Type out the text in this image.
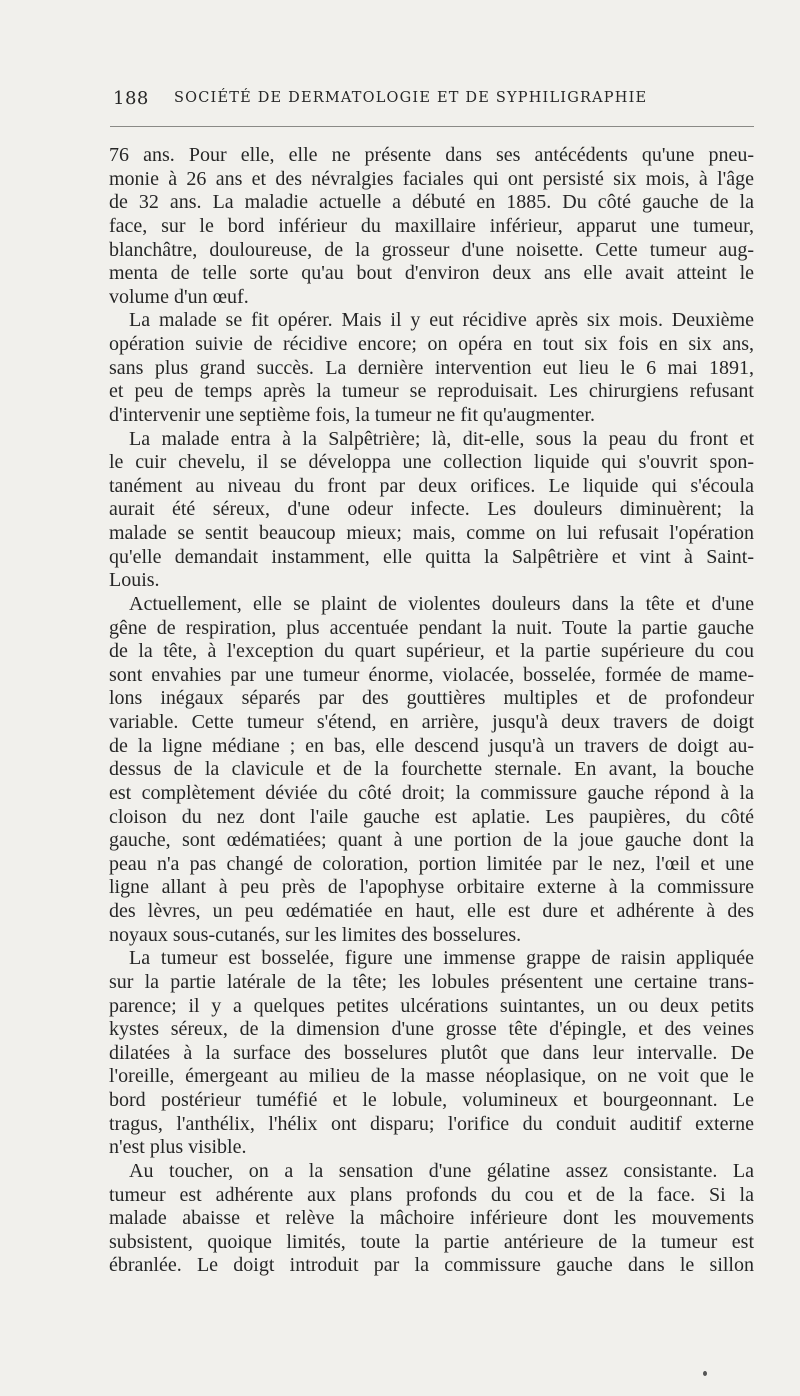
188 SOCIÉTÉ DE DERMATOLOGIE ET DE SYPHILIGRAPHIE
76 ans. Pour elle, elle ne présente dans ses antécédents qu'une pneu-
monie à 26 ans et des névralgies faciales qui ont persisté six mois, à l'âge
de 32 ans. La maladie actuelle a débuté en 1885. Du côté gauche de la
face, sur le bord inférieur du maxillaire inférieur, apparut une tumeur,
blanchâtre, douloureuse, de la grosseur d'une noisette. Cette tumeur aug-
menta de telle sorte qu'au bout d'environ deux ans elle avait atteint le
volume d'un œuf.
La malade se fit opérer. Mais il y eut récidive après six mois. Deuxième
opération suivie de récidive encore; on opéra en tout six fois en six ans,
sans plus grand succès. La dernière intervention eut lieu le 6 mai 1891,
et peu de temps après la tumeur se reproduisait. Les chirurgiens refusant
d'intervenir une septième fois, la tumeur ne fit qu'augmenter.
La malade entra à la Salpêtrière; là, dit-elle, sous la peau du front et
le cuir chevelu, il se développa une collection liquide qui s'ouvrit spon-
tanément au niveau du front par deux orifices. Le liquide qui s'écoula
aurait été séreux, d'une odeur infecte. Les douleurs diminuèrent; la
malade se sentit beaucoup mieux; mais, comme on lui refusait l'opération
qu'elle demandait instamment, elle quitta la Salpêtrière et vint à Saint-
Louis.
Actuellement, elle se plaint de violentes douleurs dans la tête et d'une
gêne de respiration, plus accentuée pendant la nuit. Toute la partie gauche
de la tête, à l'exception du quart supérieur, et la partie supérieure du cou
sont envahies par une tumeur énorme, violacée, bosselée, formée de mame-
lons inégaux séparés par des gouttières multiples et de profondeur
variable. Cette tumeur s'étend, en arrière, jusqu'à deux travers de doigt
de la ligne médiane ; en bas, elle descend jusqu'à un travers de doigt au-
dessus de la clavicule et de la fourchette sternale. En avant, la bouche
est complètement déviée du côté droit; la commissure gauche répond à la
cloison du nez dont l'aile gauche est aplatie. Les paupières, du côté
gauche, sont œdématiées; quant à une portion de la joue gauche dont la
peau n'a pas changé de coloration, portion limitée par le nez, l'œil et une
ligne allant à peu près de l'apophyse orbitaire externe à la commissure
des lèvres, un peu œdématiée en haut, elle est dure et adhérente à des
noyaux sous-cutanés, sur les limites des bosselures.
La tumeur est bosselée, figure une immense grappe de raisin appliquée
sur la partie latérale de la tête; les lobules présentent une certaine trans-
parence; il y a quelques petites ulcérations suintantes, un ou deux petits
kystes séreux, de la dimension d'une grosse tête d'épingle, et des veines
dilatées à la surface des bosselures plutôt que dans leur intervalle. De
l'oreille, émergeant au milieu de la masse néoplasique, on ne voit que le
bord postérieur tuméfié et le lobule, volumineux et bourgeonnant. Le
tragus, l'anthélix, l'hélix ont disparu; l'orifice du conduit auditif externe
n'est plus visible.
Au toucher, on a la sensation d'une gélatine assez consistante. La
tumeur est adhérente aux plans profonds du cou et de la face. Si la
malade abaisse et relève la mâchoire inférieure dont les mouvements
subsistent, quoique limités, toute la partie antérieure de la tumeur est
ébranlée. Le doigt introduit par la commissure gauche dans le sillon
